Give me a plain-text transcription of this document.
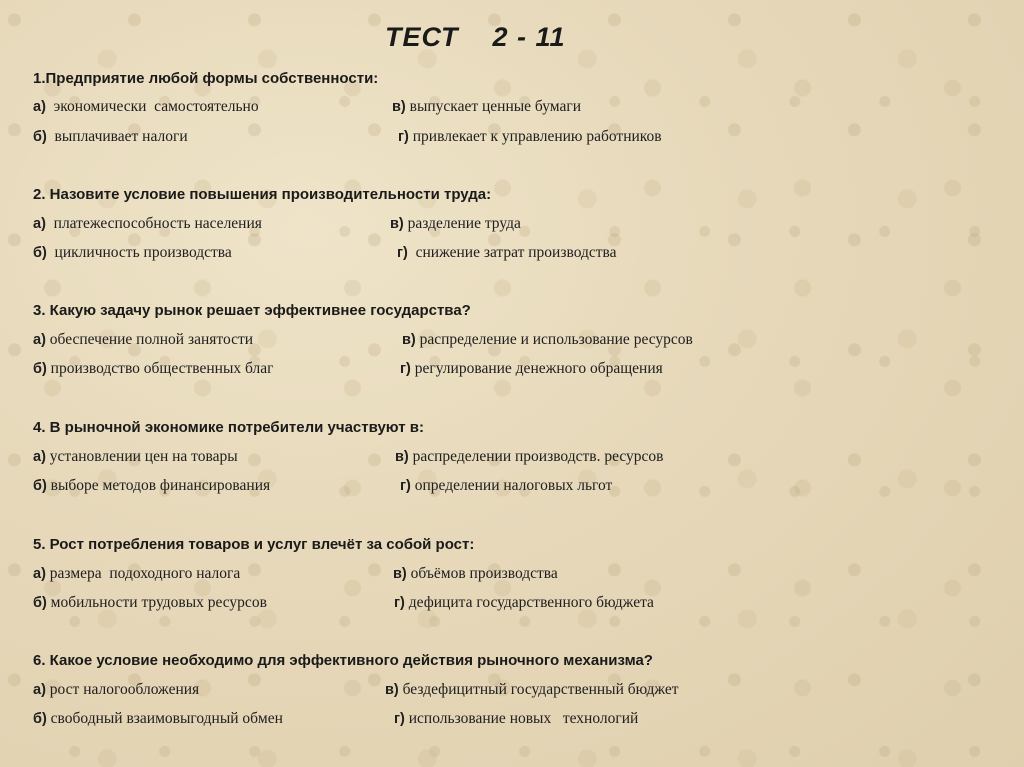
ТЕСТ    2 - 11
1.Предприятие любой формы собственности:
а)  экономически  самостоятельно	в) выпускает ценные бумаги
б)  выплачивает налоги	г) привлекает к управлению работников
2. Назовите условие повышения производительности труда:
а)  платежеспособность населения	в) разделение труда
б)  цикличность производства	г)  снижение затрат производства
3. Какую задачу рынок решает эффективнее государства?
а) обеспечение полной занятости	в) распределение и использование ресурсов
б) производство общественных благ	г) регулирование денежного обращения
4. В рыночной экономике потребители участвуют в:
а) установлении цен на товары	в) распределении производств. ресурсов
б) выборе методов финансирования	г) определении налоговых льгот
5. Рост потребления товаров и услуг влечёт за собой рост:
а) размера  подоходного налога	в) объёмов производства
б) мобильности трудовых ресурсов	г) дефицита государственного бюджета
6. Какое условие необходимо для эффективного действия рыночного механизма?
а) рост налогообложения	в) бездефицитный государственный бюджет
б) свободный взаимовыгодный обмен	г) использование новых   технологий
